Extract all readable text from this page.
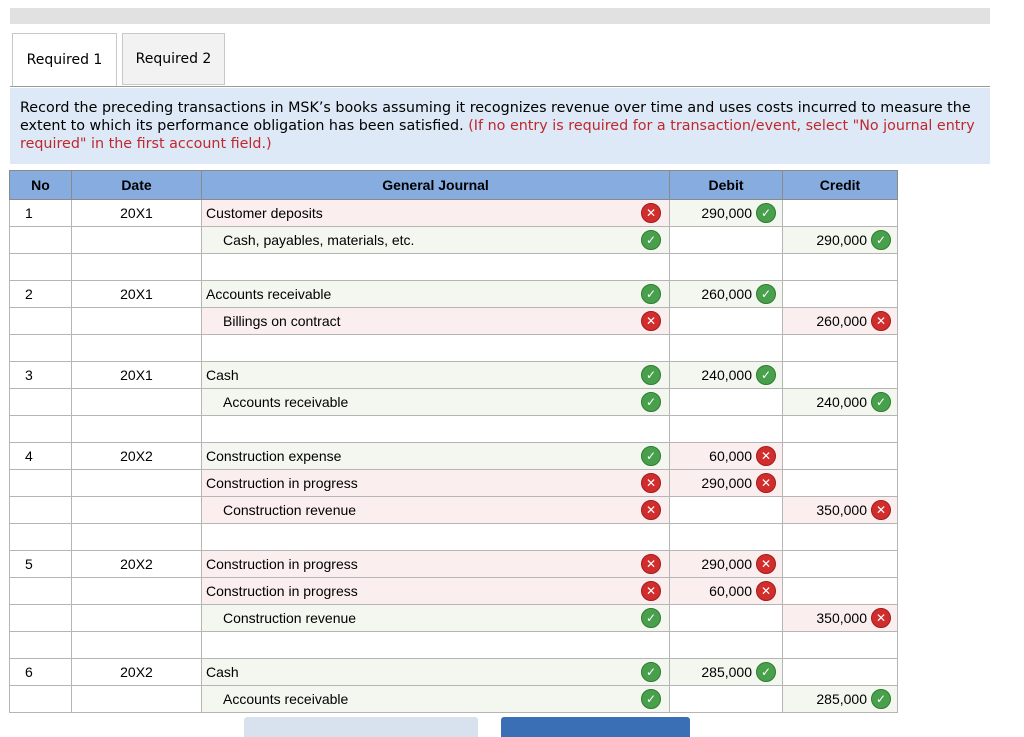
Required 1	Required 2
Record the preceding transactions in MSK’s books assuming it recognizes revenue over time and uses costs incurred to measure the extent to which its performance obligation has been satisfied. (If no entry is required for a transaction/event, select "No journal entry required" in the first account field.)
No	Date	General Journal	Debit	Credit
1	20X1	Customer deposits ✕	290,000 ✓	

		Cash, payables, materials, etc. ✓		290,000 ✓

2	20X1	Accounts receivable ✓	260,000 ✓	

		Billings on contract ✕		260,000 ✕

3	20X1	Cash ✓	240,000 ✓	

		Accounts receivable ✓		240,000 ✓

4	20X2	Construction expense ✓	60,000 ✕	

		Construction in progress ✕	290,000 ✕	

		Construction revenue ✕		350,000 ✕

5	20X2	Construction in progress ✕	290,000 ✕	

		Construction in progress ✕	60,000 ✕	

		Construction revenue ✓		350,000 ✕

6	20X2	Cash ✓	285,000 ✓	

		Accounts receivable ✓		285,000 ✓
